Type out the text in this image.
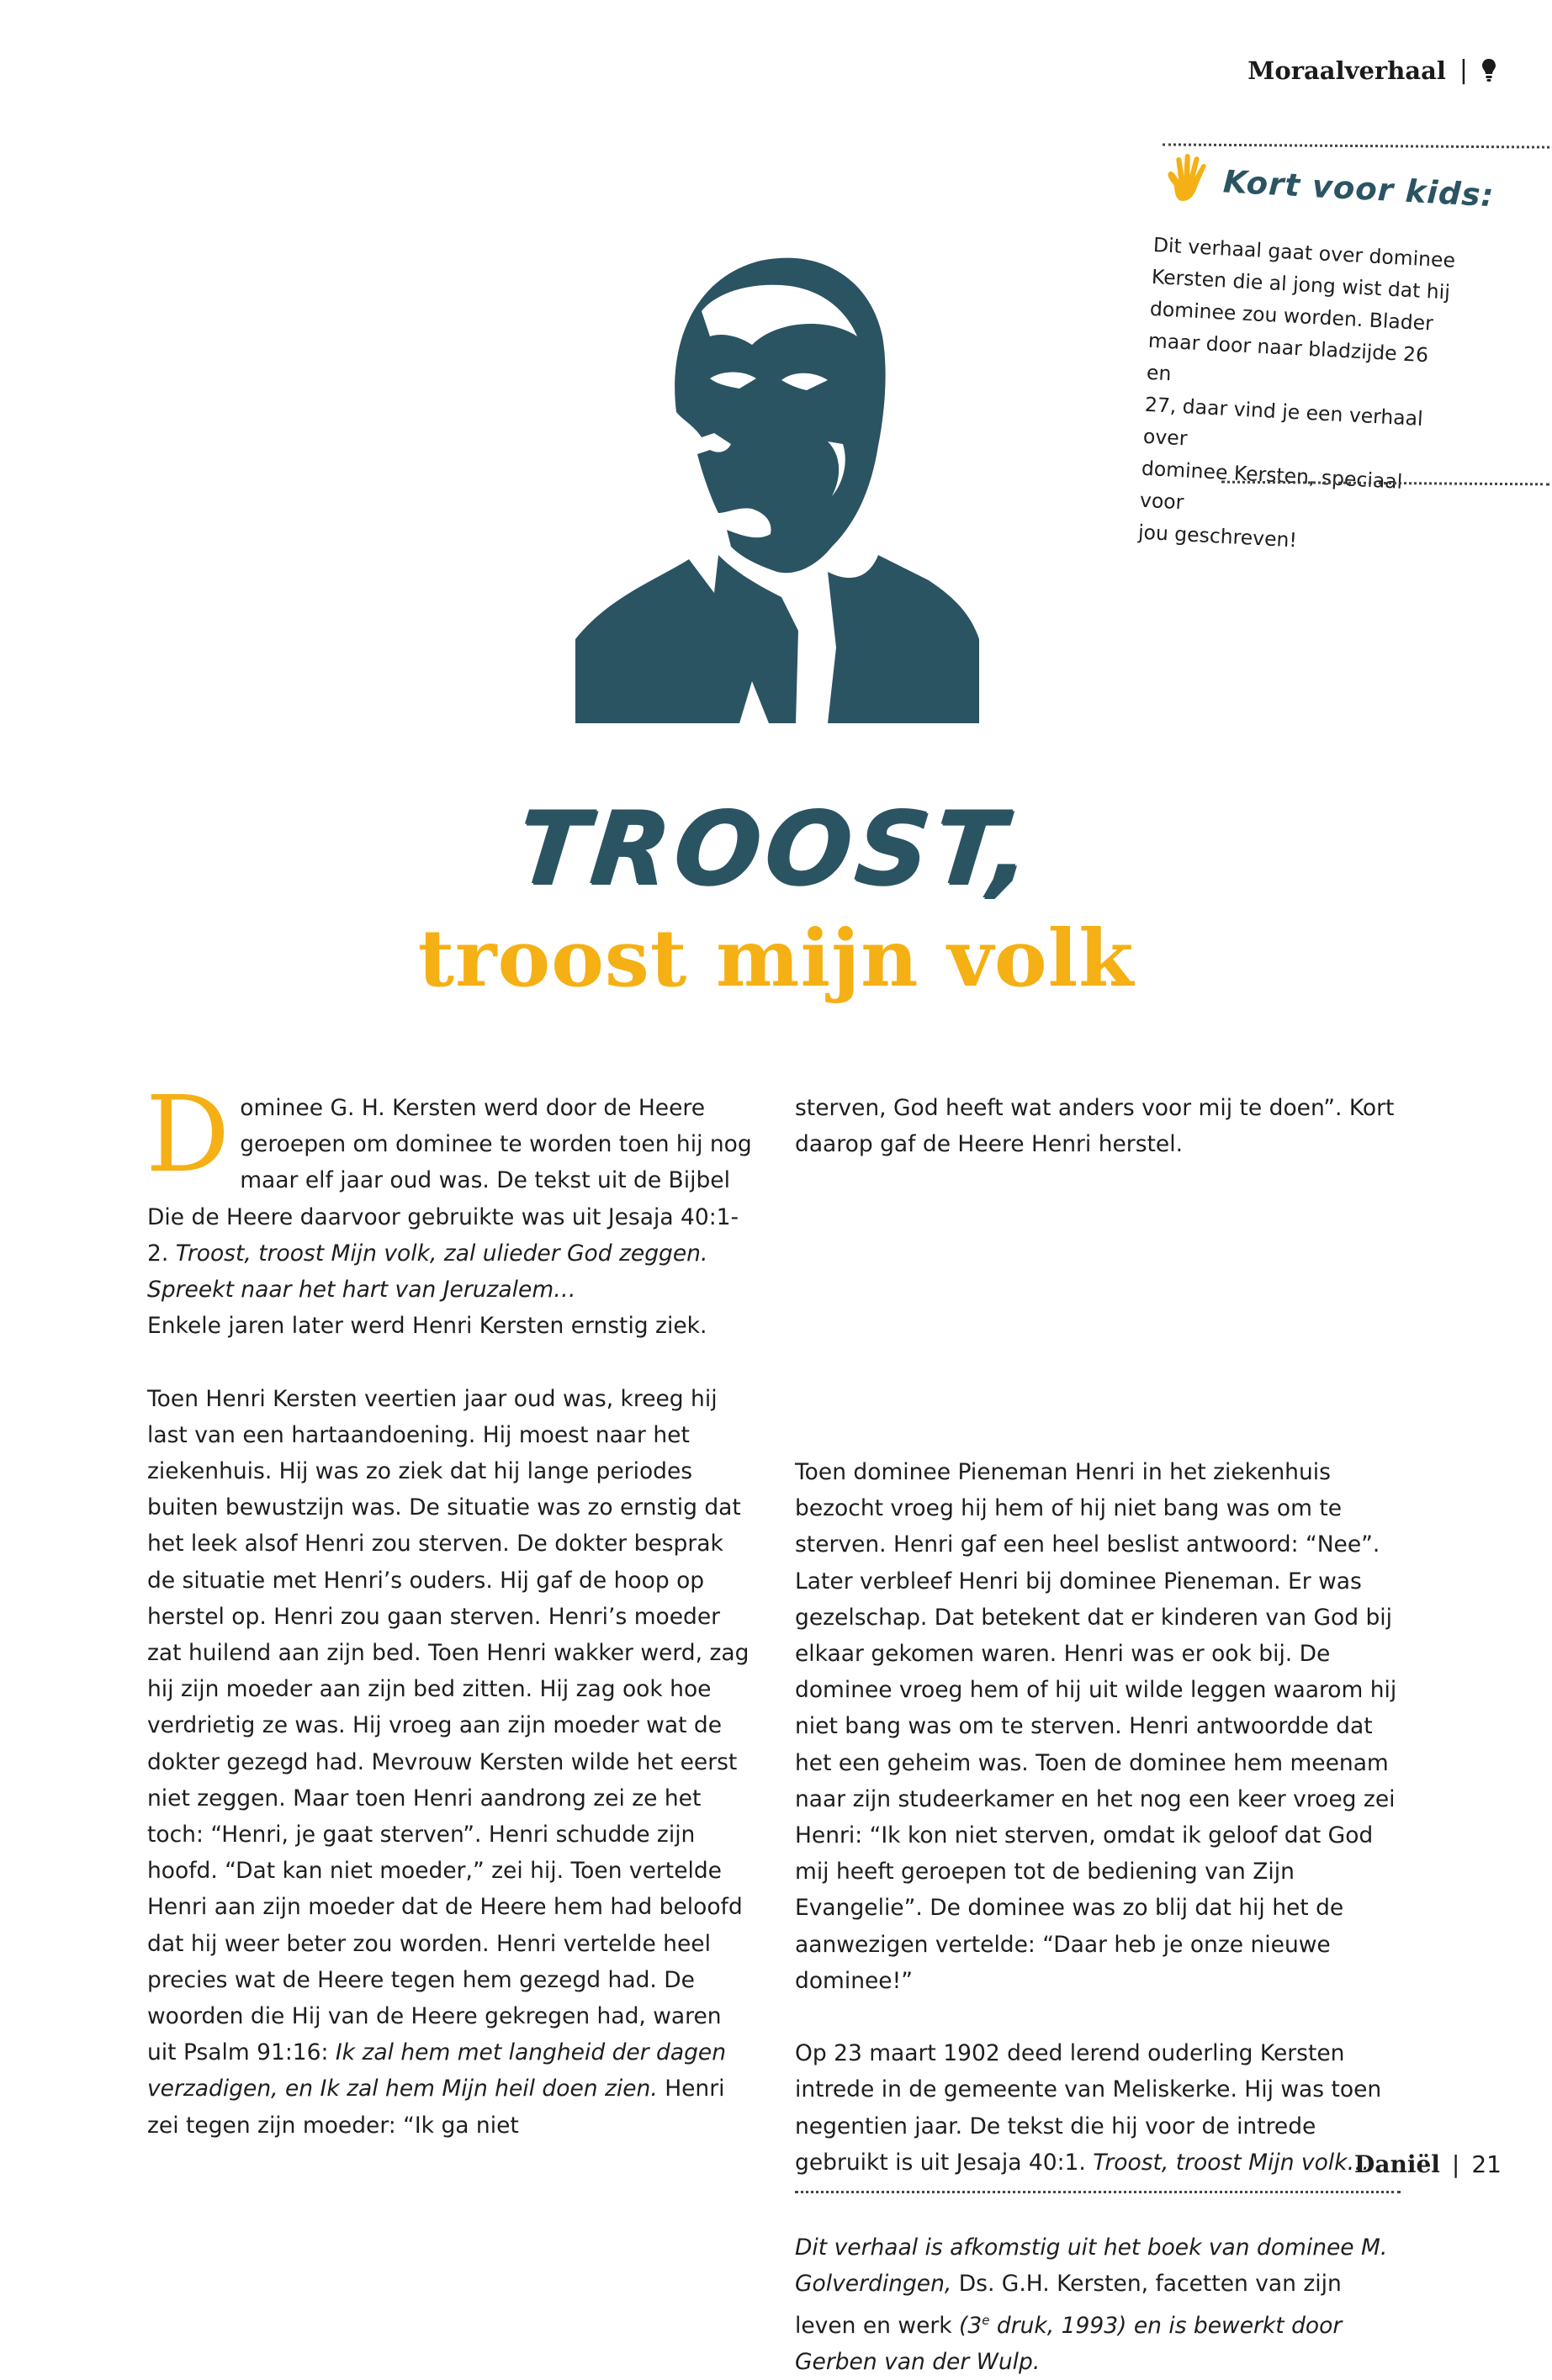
Moraalverhaal |
Kort voor kids:
Dit verhaal gaat over dominee
Kersten die al jong wist dat hij
dominee zou worden. Blader
maar door naar bladzijde 26 en
27, daar vind je een verhaal over
dominee Kersten, speciaal voor
jou geschreven!
TROOST,
troost mijn volk

Dominee G. H. Kersten werd door de Heere geroepen om dominee te worden toen hij nog maar elf jaar oud was. De tekst uit de Bijbel Die de Heere daarvoor gebruikte was uit Jesaja 40:1-2. Troost, troost Mijn volk, zal ulieder God zeggen. Spreekt naar het hart van Jeruzalem…

Enkele jaren later werd Henri Kersten ernstig ziek.

Toen Henri Kersten veertien jaar oud was, kreeg hij last van een hartaandoening. Hij moest naar het ziekenhuis. Hij was zo ziek dat hij lange periodes buiten bewustzijn was. De situatie was zo ernstig dat het leek alsof Henri zou sterven. De dokter besprak de situatie met Henri’s ouders. Hij gaf de hoop op herstel op. Henri zou gaan sterven. Henri’s moeder zat huilend aan zijn bed. Toen Henri wakker werd, zag hij zijn moeder aan zijn bed zitten. Hij zag ook hoe verdrietig ze was. Hij vroeg aan zijn moeder wat de dokter gezegd had. Mevrouw Kersten wilde het eerst niet zeggen. Maar toen Henri aandrong zei ze het toch: “Henri, je gaat sterven”. Henri schudde zijn hoofd. “Dat kan niet moeder,” zei hij. Toen vertelde Henri aan zijn moeder dat de Heere hem had beloofd dat hij weer beter zou worden. Henri vertelde heel precies wat de Heere tegen hem gezegd had. De woorden die Hij van de Heere gekregen had, waren uit Psalm 91:16: Ik zal hem met langheid der dagen verzadigen, en Ik zal hem Mijn heil doen zien. Henri zei tegen zijn moeder: “Ik ga niet

Toen dominee Pieneman Henri in het ziekenhuis bezocht vroeg hij hem of hij niet bang was om te sterven. Henri gaf een heel beslist antwoord: “Nee”. Later verbleef Henri bij dominee Pieneman. Er was gezelschap. Dat betekent dat er kinderen van God bij elkaar gekomen waren. Henri was er ook bij. De dominee vroeg hem of hij uit wilde leggen waarom hij niet bang was om te sterven. Henri antwoordde dat het een geheim was. Toen de dominee hem meenam naar zijn studeerkamer en het nog een keer vroeg zei Henri: “Ik kon niet sterven, omdat ik geloof dat God mij heeft geroepen tot de bediening van Zijn Evangelie”. De dominee was zo blij dat hij het de aanwezigen vertelde: “Daar heb je onze nieuwe dominee!”

Op 23 maart 1902 deed lerend ouderling Kersten intrede in de gemeente van Meliskerke. Hij was toen negentien jaar. De tekst die hij voor de intrede gebruikt is uit Jesaja 40:1. Troost, troost Mijn volk…

Dit verhaal is afkomstig uit het boek van dominee M. Golverdingen, Ds. G.H. Kersten, facetten van zijn leven en werk (3e druk, 1993) en is bewerkt door Gerben van der Wulp.

Daniël | 21

sterven, God heeft wat anders voor mij te doen”. Kort daarop gaf de Heere Henri herstel.
